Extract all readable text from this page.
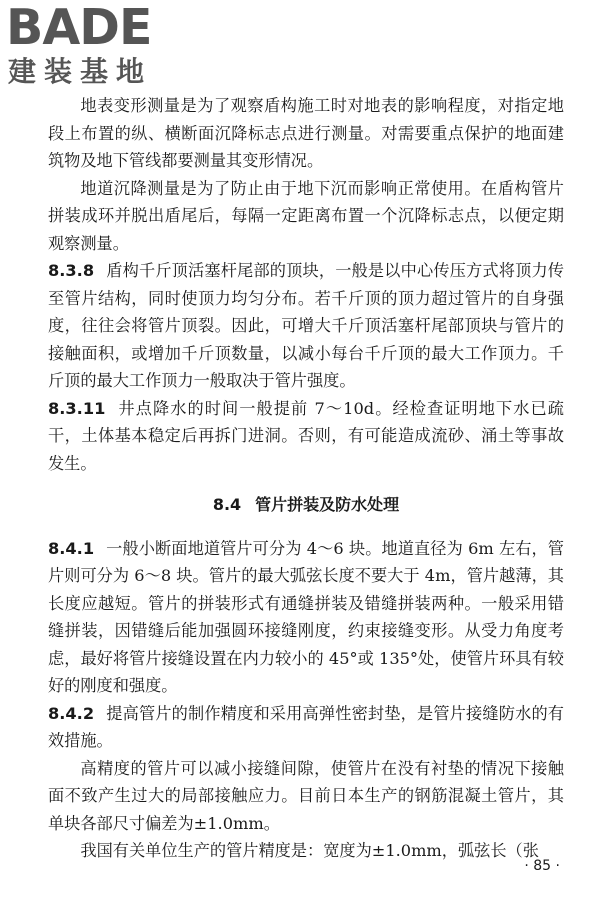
BADE
建装基地

地表变形测量是为了观察盾构施工时对地表的影响程度，对指定地段上布置的纵、横断面沉降标志点进行测量。对需要重点保护的地面建筑物及地下管线都要测量其变形情况。

地道沉降测量是为了防止由于地下沉而影响正常使用。在盾构管片拼装成环并脱出盾尾后，每隔一定距离布置一个沉降标志点，以便定期观察测量。

8.3.8 盾构千斤顶活塞杆尾部的顶块，一般是以中心传压方式将顶力传至管片结构，同时使顶力均匀分布。若千斤顶的顶力超过管片的自身强度，往往会将管片顶裂。因此，可增大千斤顶活塞杆尾部顶块与管片的接触面积，或增加千斤顶数量，以减小每台千斤顶的最大工作顶力。千斤顶的最大工作顶力一般取决于管片强度。

8.3.11 井点降水的时间一般提前 7～10d。经检查证明地下水已疏干，土体基本稳定后再拆门进洞。否则，有可能造成流砂、涌土等事故发生。

8.4 管片拼装及防水处理

8.4.1 一般小断面地道管片可分为 4～6 块。地道直径为 6m 左右，管片则可分为 6～8 块。管片的最大弧弦长度不要大于 4m，管片越薄，其长度应越短。管片的拼装形式有通缝拼装及错缝拼装两种。一般采用错缝拼装，因错缝后能加强圆环接缝刚度，约束接缝变形。从受力角度考虑，最好将管片接缝设置在内力较小的 45°或 135°处，使管片环具有较好的刚度和强度。

8.4.2 提高管片的制作精度和采用高弹性密封垫，是管片接缝防水的有效措施。

高精度的管片可以减小接缝间隙，使管片在没有衬垫的情况下接触面不致产生过大的局部接触应力。目前日本生产的钢筋混凝土管片，其单块各部尺寸偏差为±1.0mm。

我国有关单位生产的管片精度是：宽度为±1.0mm，弧弦长（张

· 85 ·
